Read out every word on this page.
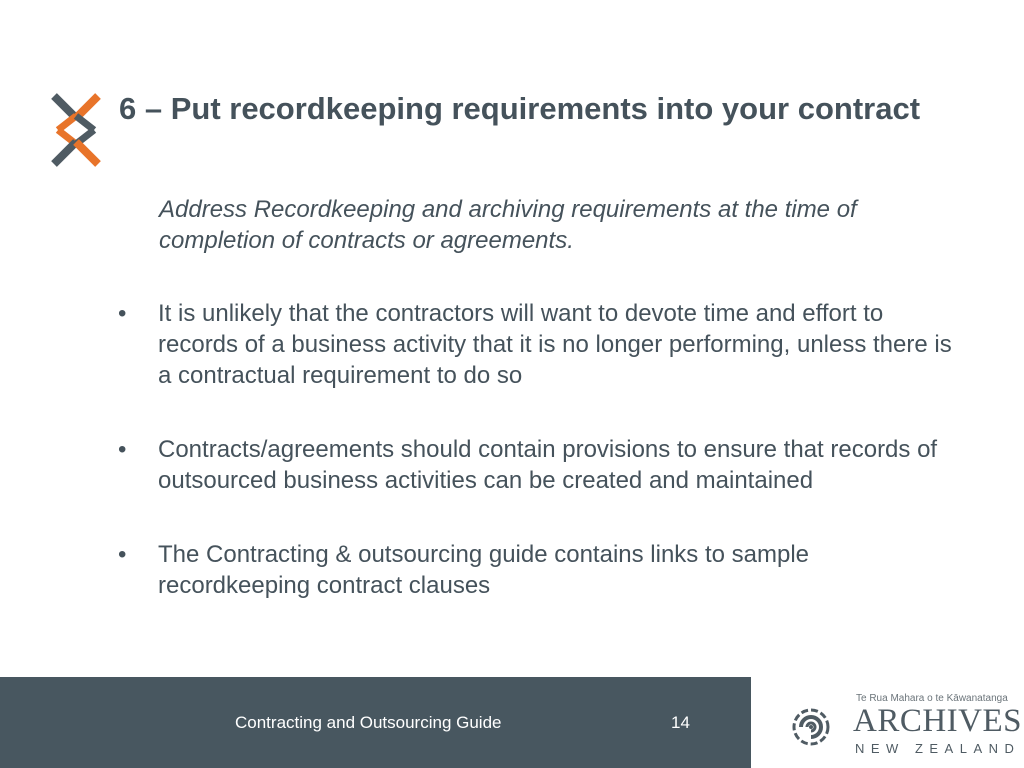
6 – Put recordkeeping requirements into your contract

Address Recordkeeping and archiving requirements at the time of completion of contracts or agreements.

• It is unlikely that the contractors will want to devote time and effort to records of a business activity that it is no longer performing, unless there is a contractual requirement to do so
• Contracts/agreements should contain provisions to ensure that records of outsourced business activities can be created and maintained
• The Contracting & outsourcing guide contains links to sample recordkeeping contract clauses
Contracting and Outsourcing Guide	14
Te Rua Mahara o te Kāwanatanga
ARCHIVES
NEW ZEALAND
